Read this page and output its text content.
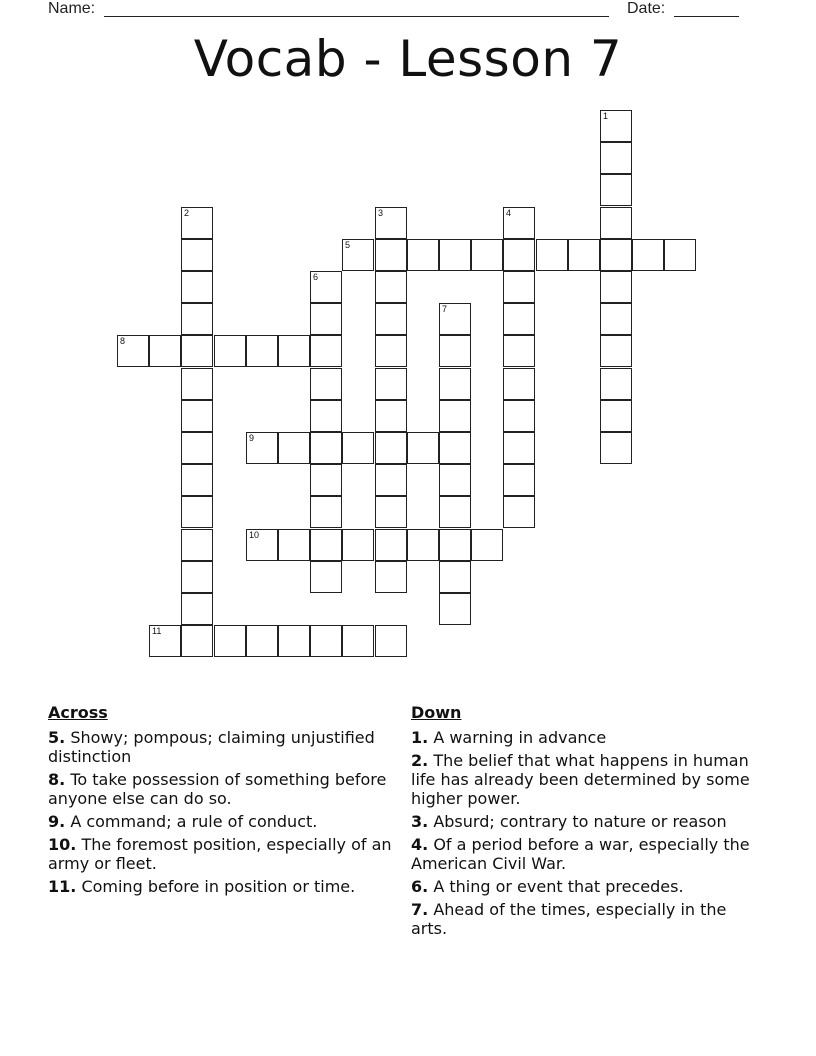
Name:	Date:
Vocab - Lesson 7
1
2	3	4
5
6
7
8
9
10
11
Across
5. Showy; pompous; claiming unjustified distinction
8. To take possession of something before anyone else can do so.
9. A command; a rule of conduct.
10. The foremost position, especially of an army or fleet.
11. Coming before in position or time.
Down
1. A warning in advance
2. The belief that what happens in human life has already been determined by some higher power.
3. Absurd; contrary to nature or reason
4. Of a period before a war, especially the American Civil War.
6. A thing or event that precedes.
7. Ahead of the times, especially in the arts.
